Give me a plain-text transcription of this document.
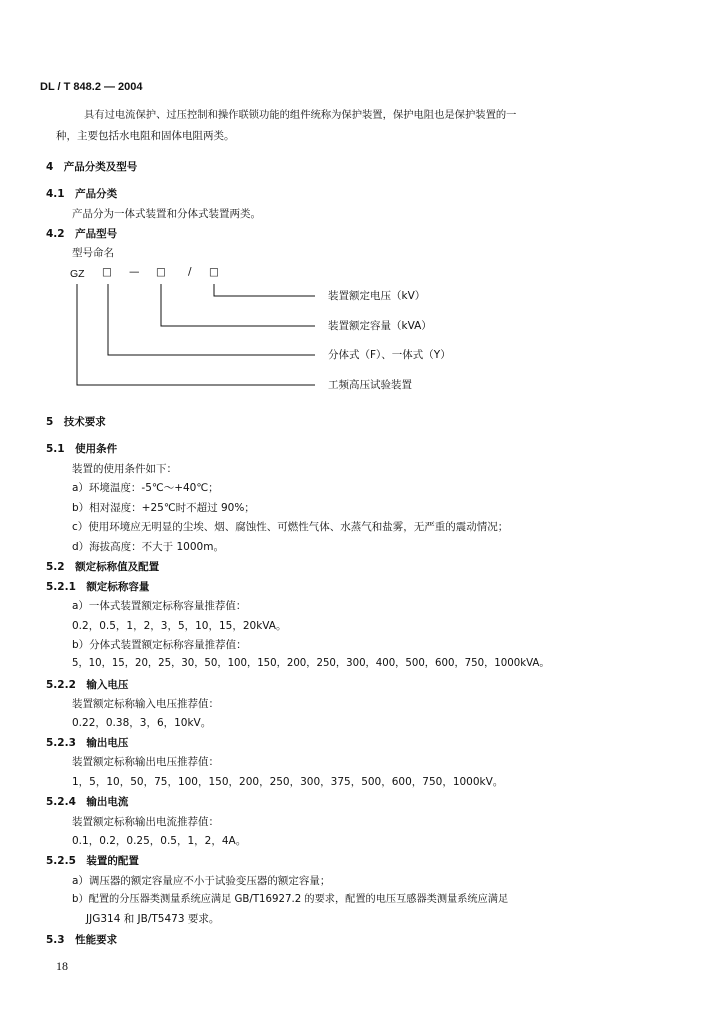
DL / T 848.2 — 2004
具有过电流保护、过压控制和操作联锁功能的组件统称为保护装置，保护电阻也是保护装置的一
种，主要包括水电阻和固体电阻两类。
4　产品分类及型号
4.1　产品分类
产品分为一体式装置和分体式装置两类。
4.2　产品型号
型号命名
GZ □ — □ / □
装置额定电压（kV）
装置额定容量（kVA）
分体式（F）、一体式（Y）
工频高压试验装置
5　技术要求
5.1　使用条件
装置的使用条件如下：
a）环境温度：-5℃～+40℃；
b）相对湿度：+25℃时不超过 90%；
c）使用环境应无明显的尘埃、烟、腐蚀性、可燃性气体、水蒸气和盐雾，无严重的震动情况；
d）海拔高度：不大于 1000m。
5.2　额定标称值及配置
5.2.1　额定标称容量
a）一体式装置额定标称容量推荐值：
0.2，0.5，1，2，3，5，10，15，20kVA。
b）分体式装置额定标称容量推荐值：
5，10，15，20，25，30，50，100，150，200，250，300，400，500，600，750，1000kVA。
5.2.2　输入电压
装置额定标称输入电压推荐值：
0.22，0.38，3，6，10kV。
5.2.3　输出电压
装置额定标称输出电压推荐值：
1，5，10，50，75，100，150，200，250，300，375，500，600，750，1000kV。
5.2.4　输出电流
装置额定标称输出电流推荐值：
0.1，0.2，0.25，0.5，1，2，4A。
5.2.5　装置的配置
a）调压器的额定容量应不小于试验变压器的额定容量；
b）配置的分压器类测量系统应满足 GB/T16927.2 的要求，配置的电压互感器类测量系统应满足
JJG314 和 JB/T5473 要求。
5.3　性能要求
18
